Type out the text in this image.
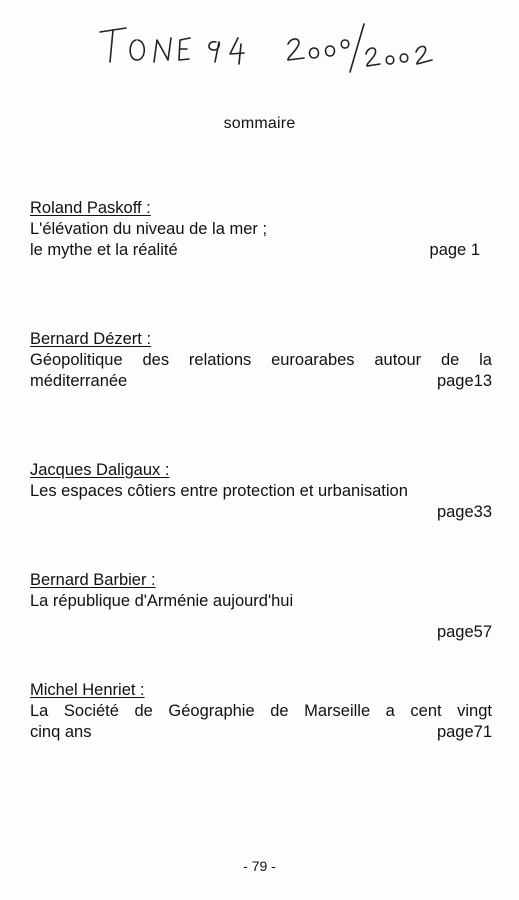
sommaire
Roland Paskoff :
L'élévation du niveau de la mer ;
le mythe et la réalité	page 1
Bernard Dézert :
Géopolitique des relations euroarabes autour de la
méditerranée	page13
Jacques Daligaux :
Les espaces côtiers entre protection et urbanisation
page33
Bernard Barbier :
La république d'Arménie aujourd'hui
page57
Michel Henriet :
La Société de Géographie de Marseille a cent vingt
cinq ans	page71
- 79 -
